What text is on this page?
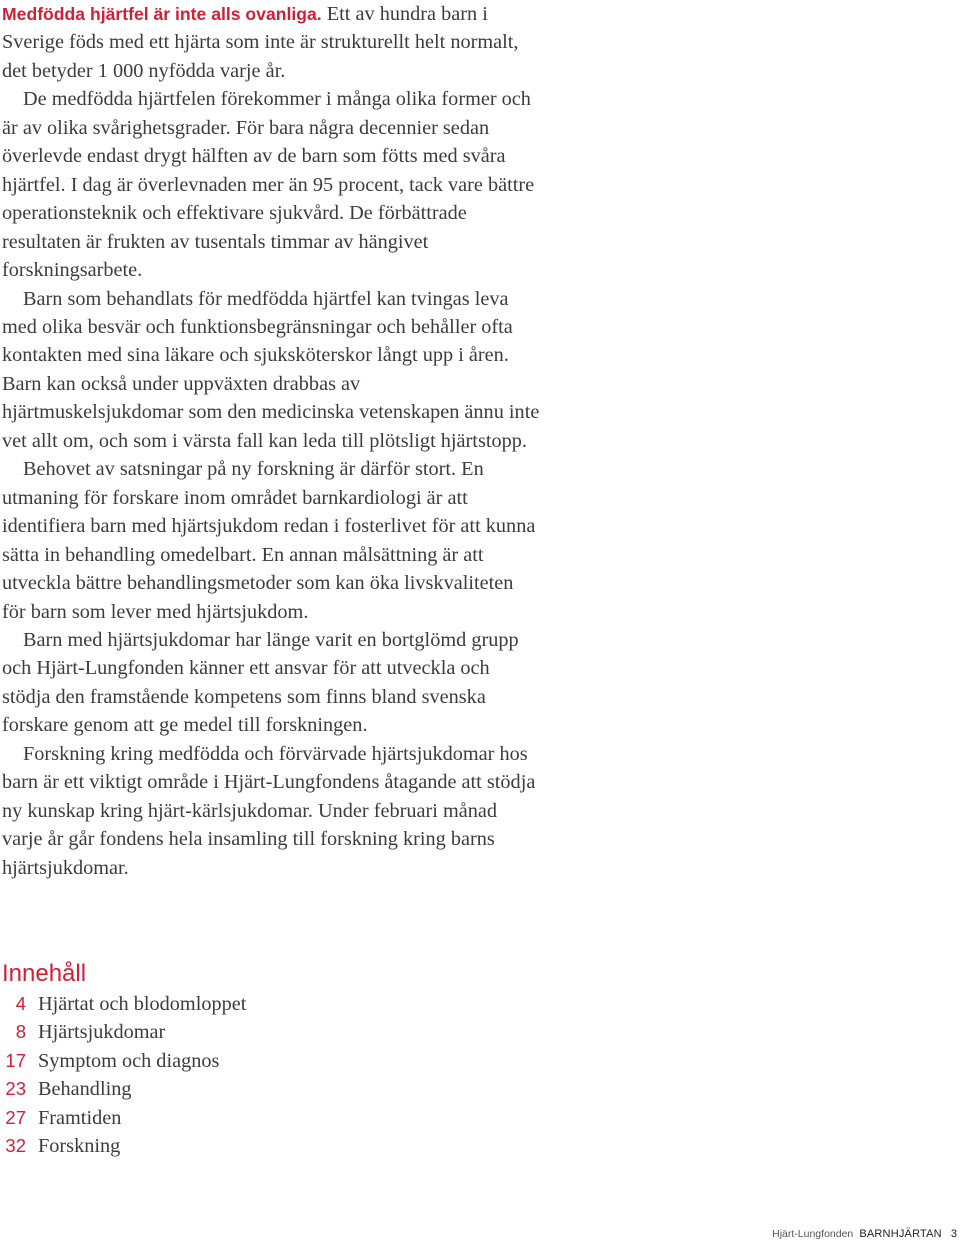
Medfödda hjärtfel är inte alls ovanliga. Ett av hundra barn i Sverige föds med ett hjärta som inte är strukturellt helt normalt, det betyder 1 000 nyfödda varje år.

De medfödda hjärtfelen förekommer i många olika former och är av olika svårighetsgrader. För bara några decennier sedan överlevde endast drygt hälften av de barn som fötts med svåra hjärtfel. I dag är överlevnaden mer än 95 procent, tack vare bättre operationsteknik och effektivare sjukvård. De förbättrade resultaten är frukten av tusentals timmar av hängivet forskningsarbete.

Barn som behandlats för medfödda hjärtfel kan tvingas leva med olika besvär och funktionsbegränsningar och behåller ofta kontakten med sina läkare och sjuksköterskor långt upp i åren. Barn kan också under uppväxten drabbas av hjärtmuskelsjukdomar som den medicinska vetenskapen ännu inte vet allt om, och som i värsta fall kan leda till plötsligt hjärtstopp.

Behovet av satsningar på ny forskning är därför stort. En utmaning för forskare inom området barnkardiologi är att identifiera barn med hjärtsjukdom redan i fosterlivet för att kunna sätta in behandling omedelbart. En annan målsättning är att utveckla bättre behandlingsmetoder som kan öka livskvaliteten för barn som lever med hjärtsjukdom.

Barn med hjärtsjukdomar har länge varit en bortglömd grupp och Hjärt-Lungfonden känner ett ansvar för att utveckla och stödja den framstående kompetens som finns bland svenska forskare genom att ge medel till forskningen.

Forskning kring medfödda och förvärvade hjärtsjukdomar hos barn är ett viktigt område i Hjärt-Lungfondens åtagande att stödja ny kunskap kring hjärt-kärlsjukdomar. Under februari månad varje år går fondens hela insamling till forskning kring barns hjärtsjukdomar.

Innehåll
4 Hjärtat och blodomloppet
8 Hjärtsjukdomar
17 Symptom och diagnos
23 Behandling
27 Framtiden
32 Forskning
Hjärt-Lungfonden BARNHJÄRTAN 3
